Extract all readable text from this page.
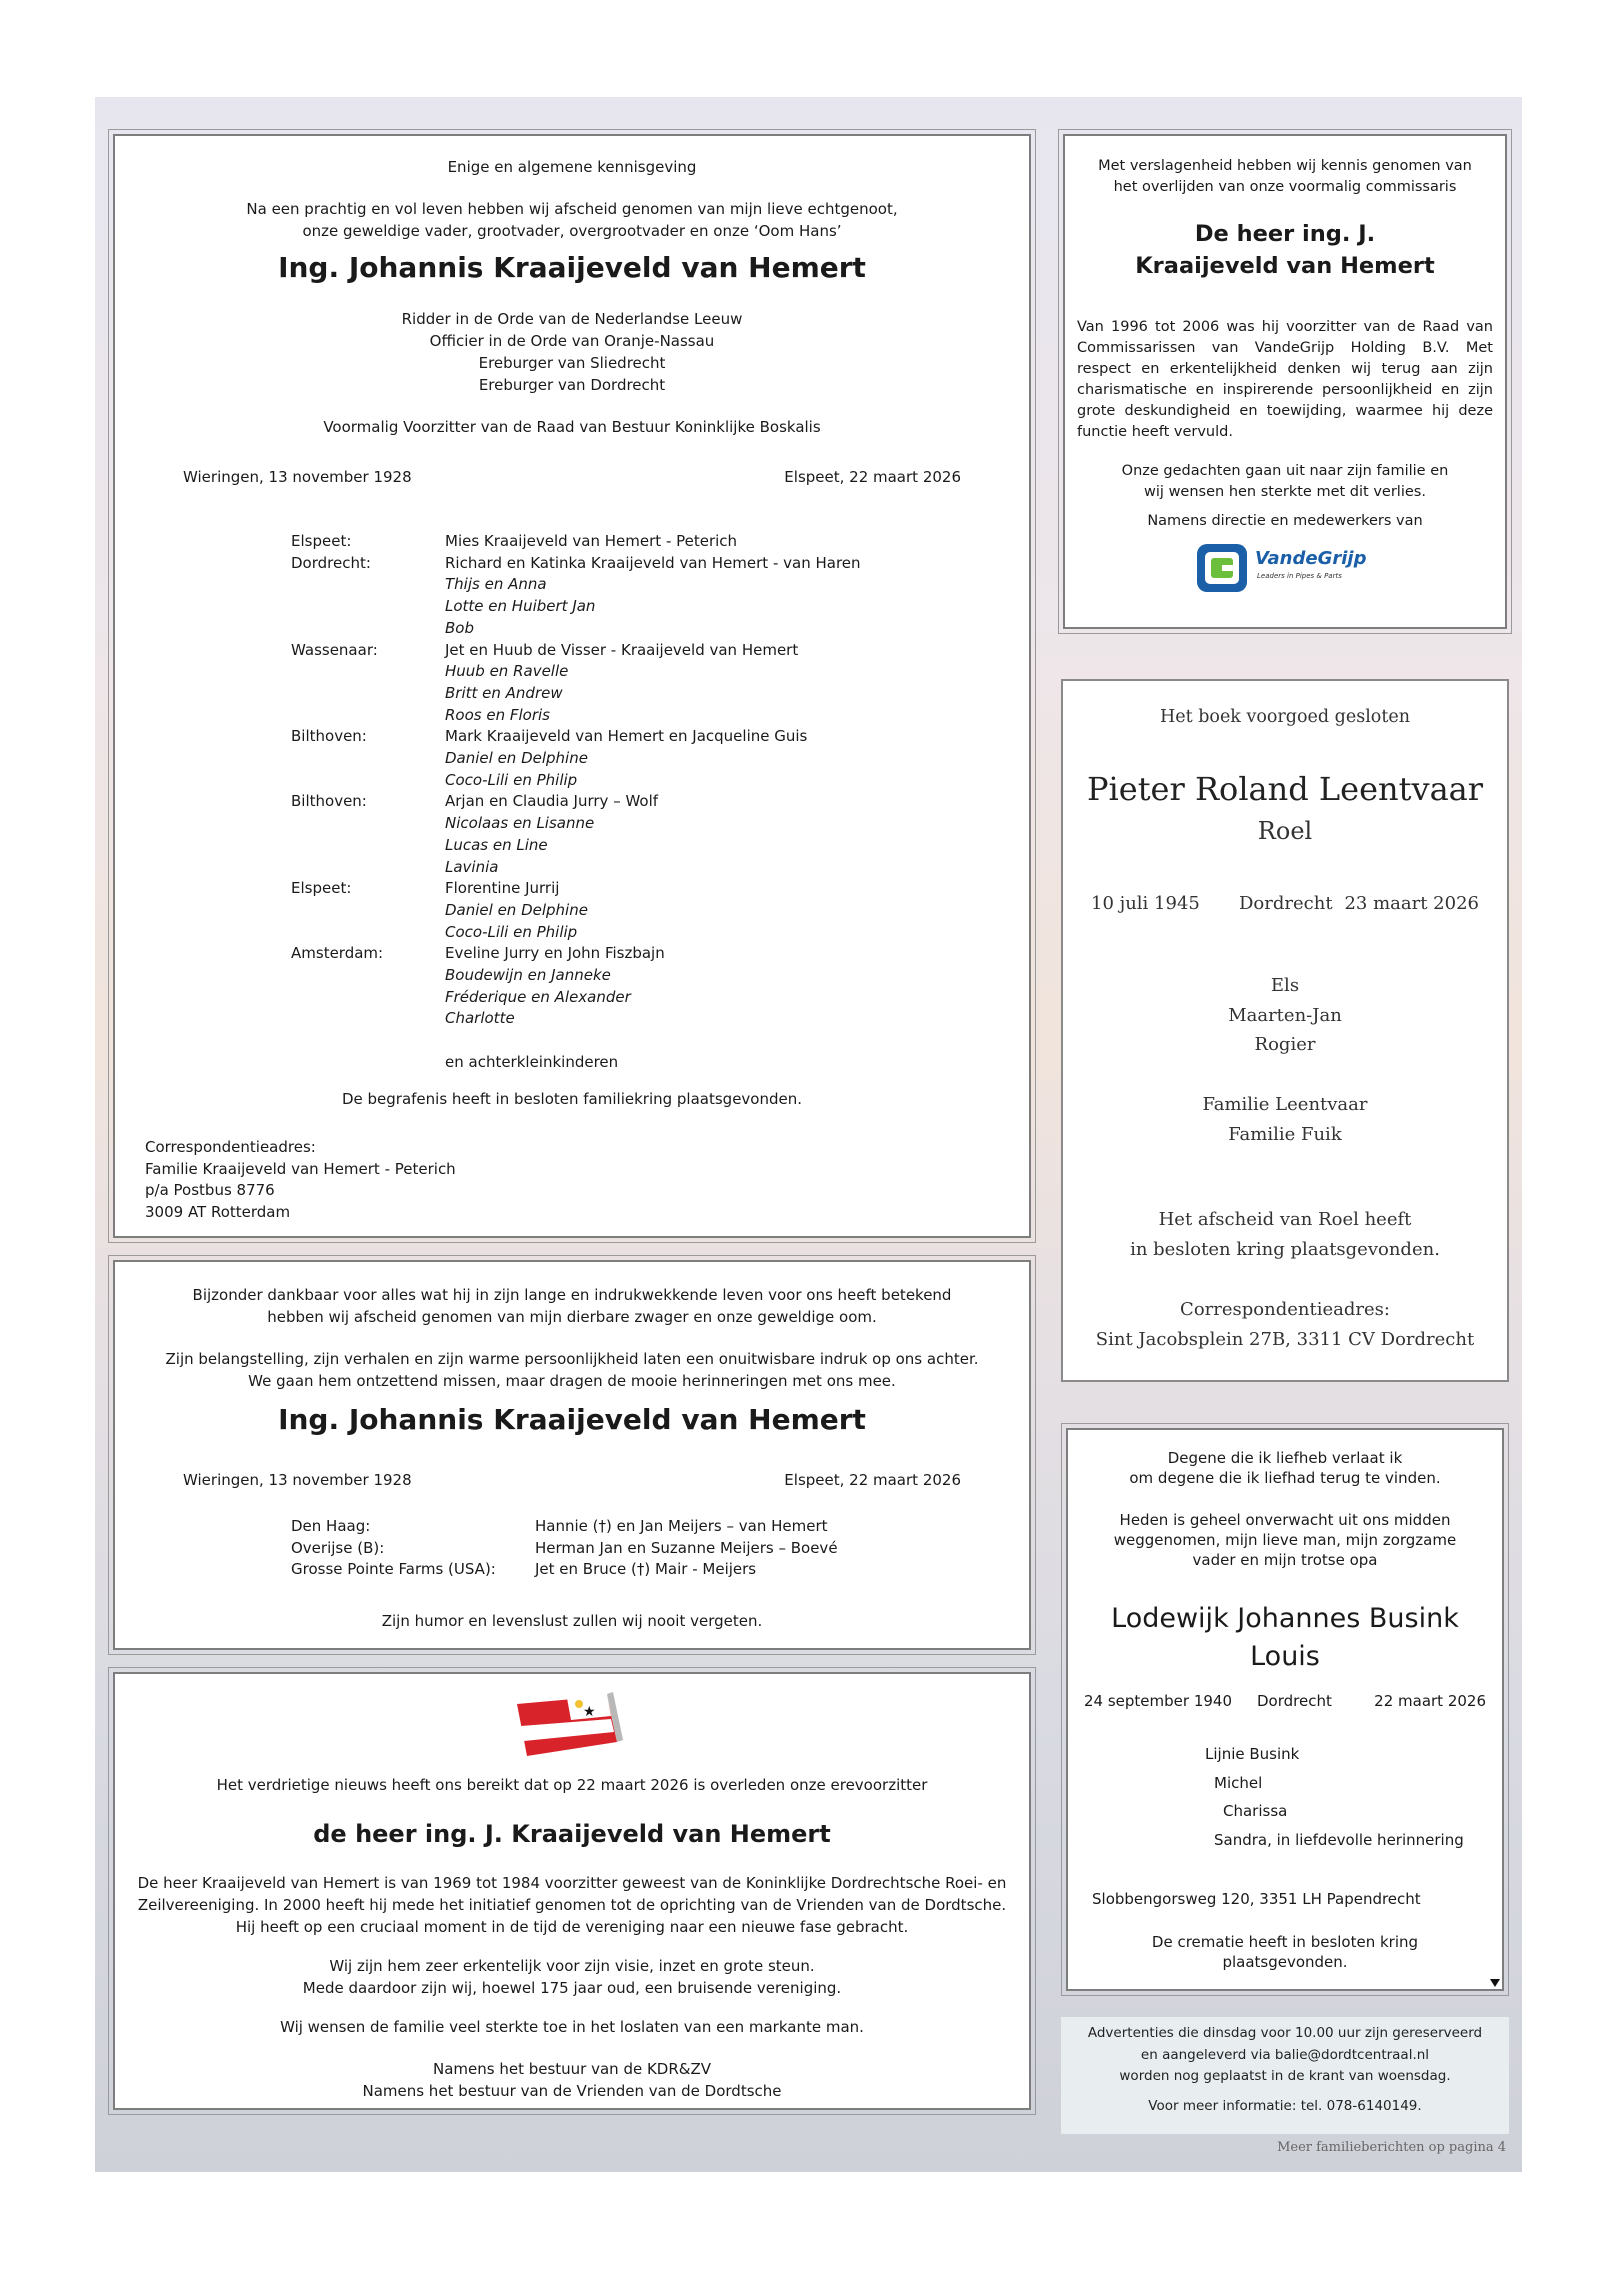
Enige en algemene kennisgeving
Na een prachtig en vol leven hebben wij afscheid genomen van mijn lieve echtgenoot,
onze geweldige vader, grootvader, overgrootvader en onze ‘Oom Hans’
Ing. Johannis Kraaijeveld van Hemert
Ridder in de Orde van de Nederlandse Leeuw
Officier in de Orde van Oranje-Nassau
Ereburger van Sliedrecht
Ereburger van Dordrecht
Voormalig Voorzitter van de Raad van Bestuur Koninklijke Boskalis
Wieringen, 13 november 1928	Elspeet, 22 maart 2026
Elspeet:	Mies Kraaijeveld van Hemert - Peterich
Dordrecht:	Richard en Katinka Kraaijeveld van Hemert - van Haren
Thijs en Anna
Lotte en Huibert Jan
Bob
Wassenaar:	Jet en Huub de Visser - Kraaijeveld van Hemert
Huub en Ravelle
Britt en Andrew
Roos en Floris
Bilthoven:	Mark Kraaijeveld van Hemert en Jacqueline Guis
Daniel en Delphine
Coco-Lili en Philip
Bilthoven:	Arjan en Claudia Jurry – Wolf
Nicolaas en Lisanne
Lucas en Line
Lavinia
Elspeet:	Florentine Jurrij
Daniel en Delphine
Coco-Lili en Philip
Amsterdam:	Eveline Jurry en John Fiszbajn
Boudewijn en Janneke
Fréderique en Alexander
Charlotte
en achterkleinkinderen
De begrafenis heeft in besloten familiekring plaatsgevonden.
Correspondentieadres:
Familie Kraaijeveld van Hemert - Peterich
p/a Postbus 8776
3009 AT Rotterdam
Bijzonder dankbaar voor alles wat hij in zijn lange en indrukwekkende leven voor ons heeft betekend
hebben wij afscheid genomen van mijn dierbare zwager en onze geweldige oom.
Zijn belangstelling, zijn verhalen en zijn warme persoonlijkheid laten een onuitwisbare indruk op ons achter.
We gaan hem ontzettend missen, maar dragen de mooie herinneringen met ons mee.
Ing. Johannis Kraaijeveld van Hemert
Wieringen, 13 november 1928	Elspeet, 22 maart 2026
Den Haag:	Hannie (†) en Jan Meijers – van Hemert
Overijse (B):	Herman Jan en Suzanne Meijers – Boevé
Grosse Pointe Farms (USA):	Jet en Bruce (†) Mair - Meijers
Zijn humor en levenslust zullen wij nooit vergeten.
★
Het verdrietige nieuws heeft ons bereikt dat op 22 maart 2026 is overleden onze erevoorzitter
de heer ing. J. Kraaijeveld van Hemert
De heer Kraaijeveld van Hemert is van 1969 tot 1984 voorzitter geweest van de Koninklijke Dordrechtsche Roei- en
Zeilvereeniging. In 2000 heeft hij mede het initiatief genomen tot de oprichting van de Vrienden van de Dordtsche.
Hij heeft op een cruciaal moment in de tijd de vereniging naar een nieuwe fase gebracht.
Wij zijn hem zeer erkentelijk voor zijn visie, inzet en grote steun.
Mede daardoor zijn wij, hoewel 175 jaar oud, een bruisende vereniging.
Wij wensen de familie veel sterkte toe in het loslaten van een markante man.
Namens het bestuur van de KDR&ZV
Namens het bestuur van de Vrienden van de Dordtsche
Met verslagenheid hebben wij kennis genomen van
het overlijden van onze voormalig commissaris
De heer ing. J.
Kraaijeveld van Hemert
Van 1996 tot 2006 was hij voorzitter van de Raad van
Commissarissen van VandeGrijp Holding B.V. Met
respect en erkentelijkheid denken wij terug aan zijn
charismatische en inspirerende persoonlijkheid en zijn
grote deskundigheid en toewijding, waarmee hij deze
functie heeft vervuld.
Onze gedachten gaan uit naar zijn familie en
wij wensen hen sterkte met dit verlies.
Namens directie en medewerkers van
VandeGrijp
Leaders in Pipes & Parts
Het boek voorgoed gesloten
Pieter Roland Leentvaar
Roel
10 juli 1945 Dordrecht 23 maart 2026
Els
Maarten-Jan
Rogier
Familie Leentvaar
Familie Fuik
Het afscheid van Roel heeft
in besloten kring plaatsgevonden.
Correspondentieadres:
Sint Jacobsplein 27B, 3311 CV Dordrecht
Degene die ik liefheb verlaat ik
om degene die ik liefhad terug te vinden.
Heden is geheel onverwacht uit ons midden
weggenomen, mijn lieve man, mijn zorgzame
vader en mijn trotse opa
Lodewijk Johannes Busink
Louis
24 september 1940 Dordrecht	22 maart 2026
Lijnie Busink
Michel
Charissa
Sandra, in liefdevolle herinnering
Slobbengorsweg 120, 3351 LH Papendrecht
De crematie heeft in besloten kring
plaatsgevonden.
Advertenties die dinsdag voor 10.00 uur zijn gereserveerd
en aangeleverd via balie@dordtcentraal.nl
worden nog geplaatst in de krant van woensdag.
Voor meer informatie: tel. 078-6140149.
Meer familieberichten op pagina 4
